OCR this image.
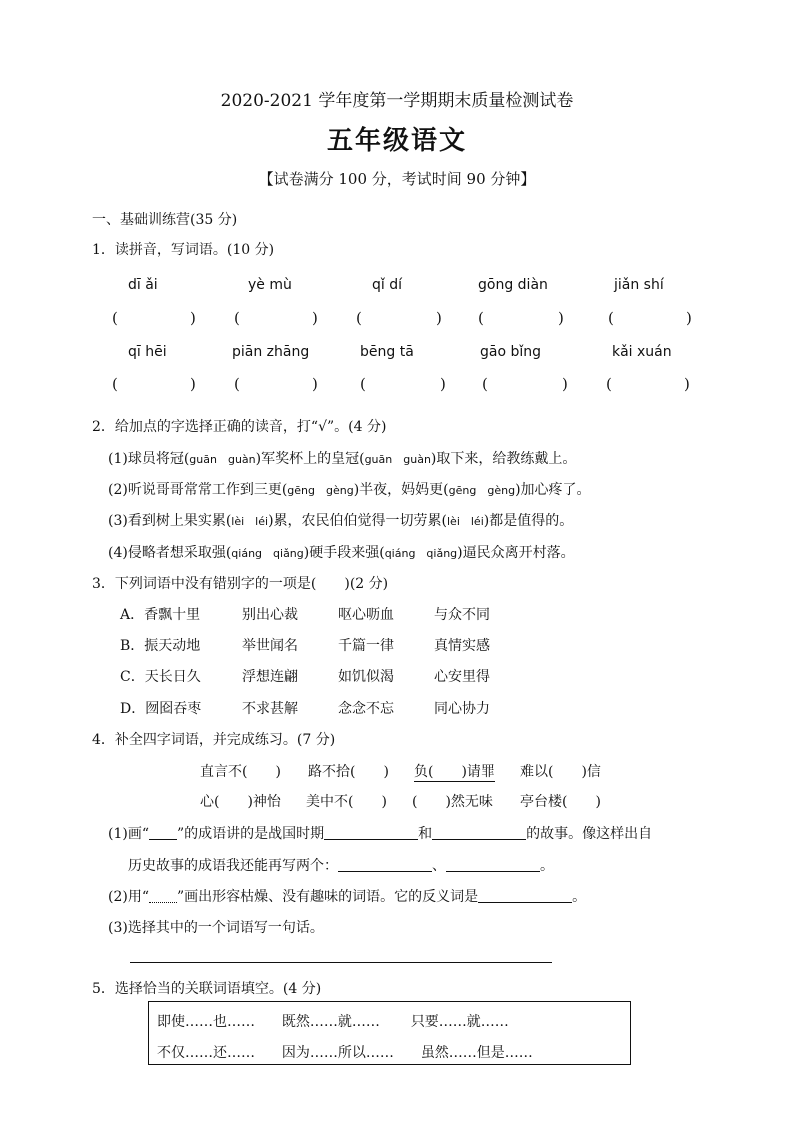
2020-2021 学年度第一学期期末质量检测试卷
五年级语文
【试卷满分 100 分，考试时间 90 分钟】
一、基础训练营(35 分)
1．读拼音，写词语。(10 分)
dī ǎi	yè mù	qǐ dí	gōng diàn	jiǎn shí
(	)	(	)	(	) (	)	(	)
qī hēi	piān zhāng	bēng tā	gāo bǐng	kǎi xuán
(	)	(	)	(	) (	)	(	)
2．给加点的字选择正确的读音，打“√”。(4 分)
(1)球员将冠(guān　guàn)军奖杯上的皇冠(guān　guàn)取下来，给教练戴上。
(2)听说哥哥常常工作到三更(gēng　gèng)半夜，妈妈更(gēng　gèng)加心疼了。
(3)看到树上果实累(lèi　léi)累，农民伯伯觉得一切劳累(lèi　léi)都是值得的。
(4)侵略者想采取强(qiáng　qiǎng)硬手段来强(qiáng　qiǎng)逼民众离开村落。
3．下列词语中没有错别字的一项是(　　)(2 分)
A．香飘十里	别出心裁	呕心呖血	与众不同
B．振天动地	举世闻名	千篇一律	真情实感
C．天长日久	浮想连翩	如饥似渴	心安里得
D．囫囵吞枣	不求甚解	念念不忘	同心协力
4．补全四字词语，并完成练习。(7 分)
直言不(　　) 路不拾(　　) 负(　　)请罪 难以(　　)信
心(　　)神怡 美中不(　　) (　　)然无味 亭台楼(　　)
(1)画“ ”的成语讲的是战国时期	和	的故事。像这样出自
历史故事的成语我还能再写两个：	、	。
(2)用“ ”画出形容枯燥、没有趣味的词语。它的反义词是	。
(3)选择其中的一个词语写一句话。
5．选择恰当的关联词语填空。(4 分)
即使……也…… 既然……就…… 只要……就……
不仅……还…… 因为……所以…… 虽然……但是……
